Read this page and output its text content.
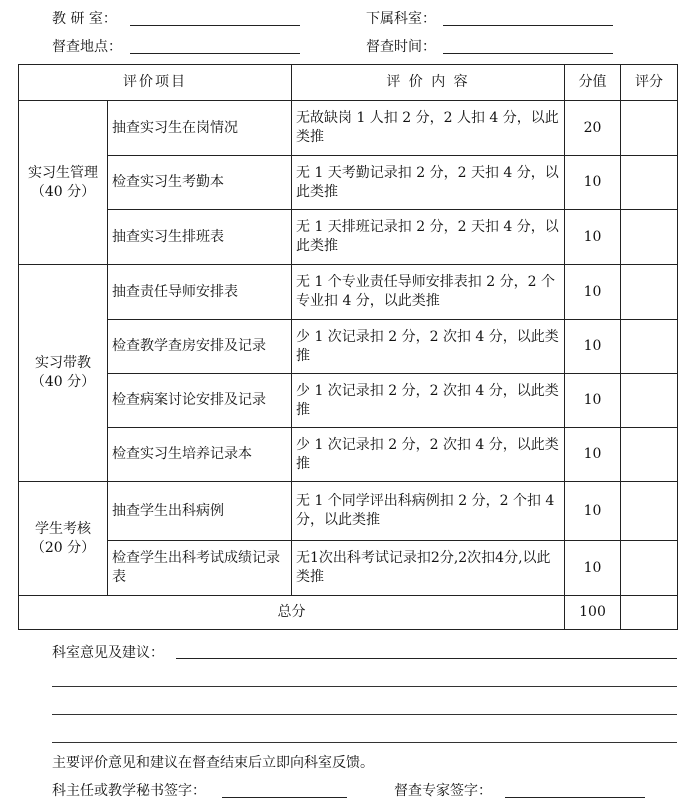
教 研 室：	下属科室：
督查地点：	督查时间：
评价项目		评 价 内 容	分值	评分

实习生管理
（40 分）	抽查实习生在岗情况	无故缺岗 1 人扣 2 分，2 人扣 4 分，以此类推	20	
	检查实习生考勤本	无 1 天考勤记录扣 2 分，2 天扣 4 分，以此类推	10	
	抽查实习生排班表	无 1 天排班记录扣 2 分，2 天扣 4 分，以此类推	10	

实习带教
（40 分）	抽查责任导师安排表	无 1 个专业责任导师安排表扣 2 分，2 个专业扣 4 分，以此类推	10	
	检查教学查房安排及记录	少 1 次记录扣 2 分，2 次扣 4 分，以此类推	10	
	检查病案讨论安排及记录	少 1 次记录扣 2 分，2 次扣 4 分，以此类推	10	
	检查实习生培养记录本	少 1 次记录扣 2 分，2 次扣 4 分，以此类推	10	

学生考核
（20 分）	抽查学生出科病例	无 1 个同学评出科病例扣 2 分，2 个扣 4 分，以此类推	10	
	检查学生出科考试成绩记录表	无1次出科考试记录扣2分,2次扣4分,以此类推	10	
总分			100	
科室意见及建议：
主要评价意见和建议在督查结束后立即向科室反馈。
科主任或教学秘书签字：	督查专家签字：
